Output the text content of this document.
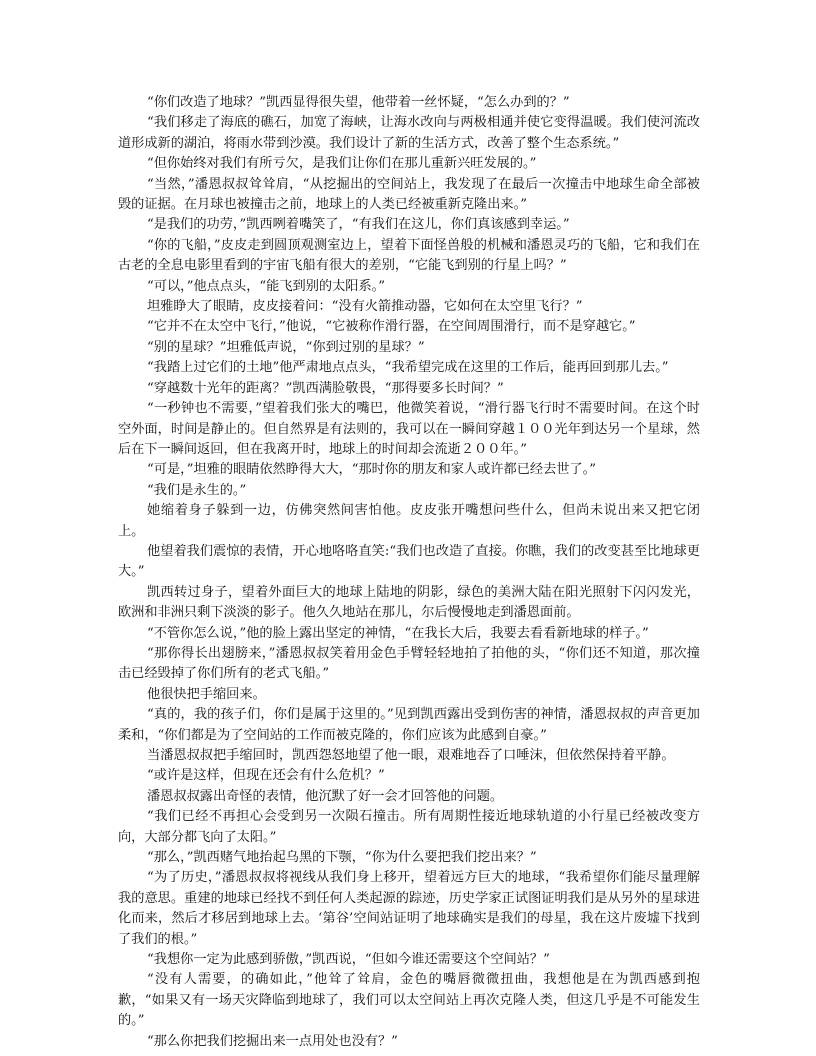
“你们改造了地球？”凯西显得很失望，他带着一丝怀疑，“怎么办到的？”

“我们移走了海底的礁石，加宽了海峡，让海水改向与两极相通并使它变得温暖。我们使河流改道形成新的湖泊，将雨水带到沙漠。我们设计了新的生活方式，改善了整个生态系统。”

“但你始终对我们有所亏欠，是我们让你们在那儿重新兴旺发展的。”

“当然，”潘恩叔叔耸耸肩，“从挖掘出的空间站上，我发现了在最后一次撞击中地球生命全部被毁的证据。在月球也被撞击之前，地球上的人类已经被重新克隆出来。”

“是我们的功劳，”凯西咧着嘴笑了，“有我们在这儿，你们真该感到幸运。”

“你的飞船，”皮皮走到圆顶观测室边上，望着下面怪兽般的机械和潘恩灵巧的飞船，它和我们在古老的全息电影里看到的宇宙飞船有很大的差别，“它能飞到别的行星上吗？”

“可以，”他点点头，“能飞到别的太阳系。”

坦雅睁大了眼睛，皮皮接着问：“没有火箭推动器，它如何在太空里飞行？”

“它并不在太空中飞行，”他说，“它被称作滑行器，在空间周围滑行，而不是穿越它。”

“别的星球？”坦雅低声说，“你到过别的星球？”

“我踏上过它们的土地”他严肃地点点头，“我希望完成在这里的工作后，能再回到那儿去。”

“穿越数十光年的距离？”凯西满脸敬畏，“那得要多长时间？”

“一秒钟也不需要，”望着我们张大的嘴巴，他微笑着说，“滑行器飞行时不需要时间。在这个时空外面，时间是静止的。但自然界是有法则的，我可以在一瞬间穿越１００光年到达另一个星球，然后在下一瞬间返回，但在我离开时，地球上的时间却会流逝２００年。”

“可是，”坦雅的眼睛依然睁得大大，“那时你的朋友和家人或许都已经去世了。”

“我们是永生的。”

她缩着身子躲到一边，仿佛突然间害怕他。皮皮张开嘴想问些什么，但尚未说出来又把它闭上。

他望着我们震惊的表情，开心地咯咯直笑:“我们也改造了直接。你瞧，我们的改变甚至比地球更大。”

凯西转过身子，望着外面巨大的地球上陆地的阴影，绿色的美洲大陆在阳光照射下闪闪发光，欧洲和非洲只剩下淡淡的影子。他久久地站在那儿，尔后慢慢地走到潘恩面前。

“不管你怎么说，”他的脸上露出坚定的神情，“在我长大后，我要去看看新地球的样子。”

“那你得长出翅膀来，”潘恩叔叔笑着用金色手臂轻轻地拍了拍他的头，“你们还不知道，那次撞击已经毁掉了你们所有的老式飞船。”

他很快把手缩回来。

“真的，我的孩子们，你们是属于这里的。”见到凯西露出受到伤害的神情，潘恩叔叔的声音更加柔和，“你们都是为了空间站的工作而被克隆的，你们应该为此感到自豪。”

当潘恩叔叔把手缩回时，凯西怨怒地望了他一眼，艰难地吞了口唾沫，但依然保持着平静。

“或许是这样，但现在还会有什么危机？”

潘恩叔叔露出奇怪的表情，他沉默了好一会才回答他的问题。

“我们已经不再担心会受到另一次陨石撞击。所有周期性接近地球轨道的小行星已经被改变方向，大部分都飞向了太阳。”

“那么，”凯西赌气地抬起乌黑的下颚，“你为什么要把我们挖出来？”

“为了历史，”潘恩叔叔将视线从我们身上移开，望着远方巨大的地球，“我希望你们能尽量理解我的意思。重建的地球已经找不到任何人类起源的踪迹，历史学家正试图证明我们是从另外的星球进化而来，然后才移居到地球上去。‘第谷’空间站证明了地球确实是我们的母星，我在这片废墟下找到了我们的根。”

“我想你一定为此感到骄傲，”凯西说，“但如今谁还需要这个空间站？”

“没有人需要，的确如此，”他耸了耸肩，金色的嘴唇微微扭曲，我想他是在为凯西感到抱歉，“如果又有一场天灾降临到地球了，我们可以太空间站上再次克隆人类，但这几乎是不可能发生的。”

“那么你把我们挖掘出来一点用处也没有？”
